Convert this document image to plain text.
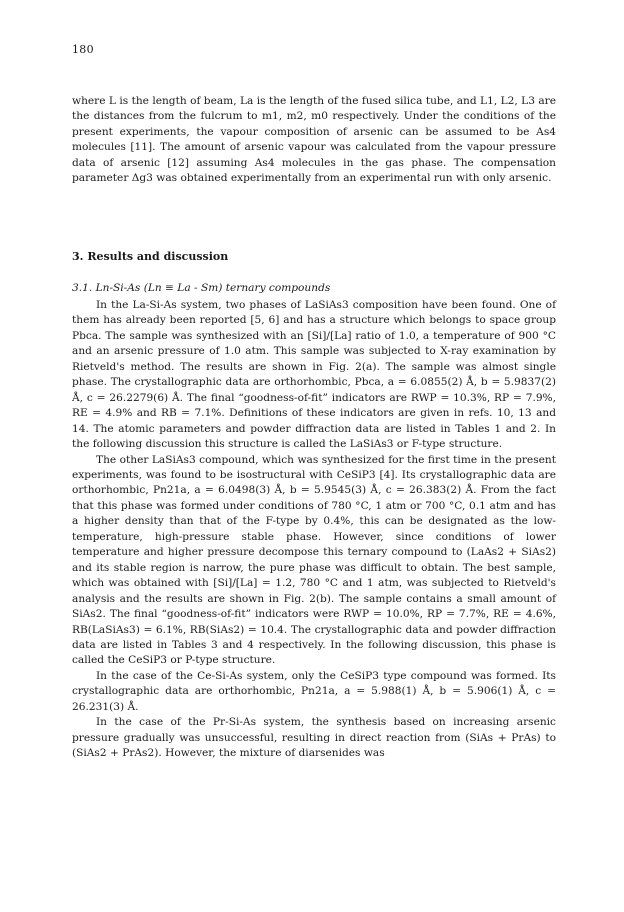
180

where L is the length of beam, La is the length of the fused silica tube, and L1, L2, L3 are the distances from the fulcrum to m1, m2, m0 respectively. Under the conditions of the present experiments, the vapour composition of arsenic can be assumed to be As4 molecules [11]. The amount of arsenic vapour was calculated from the vapour pressure data of arsenic [12] assuming As4 molecules in the gas phase. The compensation parameter Δg3 was obtained experimentally from an experimental run with only arsenic.

3. Results and discussion
3.1. Ln-Si-As (Ln ≡ La - Sm) ternary compounds

In the La-Si-As system, two phases of LaSiAs3 composition have been found. One of them has already been reported [5, 6] and has a structure which belongs to space group Pbca. The sample was synthesized with an [Si]/[La] ratio of 1.0, a temperature of 900 °C and an arsenic pressure of 1.0 atm. This sample was subjected to X-ray examination by Rietveld's method. The results are shown in Fig. 2(a). The sample was almost single phase. The crystallographic data are orthorhombic, Pbca, a = 6.0855(2) Å, b = 5.9837(2) Å, c = 26.2279(6) Å. The final “goodness-of-fit” indicators are RWP = 10.3%, RP = 7.9%, RE = 4.9% and RB = 7.1%. Definitions of these indicators are given in refs. 10, 13 and 14. The atomic parameters and powder diffraction data are listed in Tables 1 and 2. In the following discussion this structure is called the LaSiAs3 or F-type structure.

The other LaSiAs3 compound, which was synthesized for the first time in the present experiments, was found to be isostructural with CeSiP3 [4]. Its crystallographic data are orthorhombic, Pn21a, a = 6.0498(3) Å, b = 5.9545(3) Å, c = 26.383(2) Å. From the fact that this phase was formed under conditions of 780 °C, 1 atm or 700 °C, 0.1 atm and has a higher density than that of the F-type by 0.4%, this can be designated as the low-temperature, high-pressure stable phase. However, since conditions of lower temperature and higher pressure decompose this ternary compound to (LaAs2 + SiAs2) and its stable region is narrow, the pure phase was difficult to obtain. The best sample, which was obtained with [Si]/[La] = 1.2, 780 °C and 1 atm, was subjected to Rietveld's analysis and the results are shown in Fig. 2(b). The sample contains a small amount of SiAs2. The final “goodness-of-fit” indicators were RWP = 10.0%, RP = 7.7%, RE = 4.6%, RB(LaSiAs3) = 6.1%, RB(SiAs2) = 10.4. The crystallographic data and powder diffraction data are listed in Tables 3 and 4 respectively. In the following discussion, this phase is called the CeSiP3 or P-type structure.

In the case of the Ce-Si-As system, only the CeSiP3 type compound was formed. Its crystallographic data are orthorhombic, Pn21a, a = 5.988(1) Å, b = 5.906(1) Å, c = 26.231(3) Å.

In the case of the Pr-Si-As system, the synthesis based on increasing arsenic pressure gradually was unsuccessful, resulting in direct reaction from (SiAs + PrAs) to (SiAs2 + PrAs2). However, the mixture of diarsenides was
